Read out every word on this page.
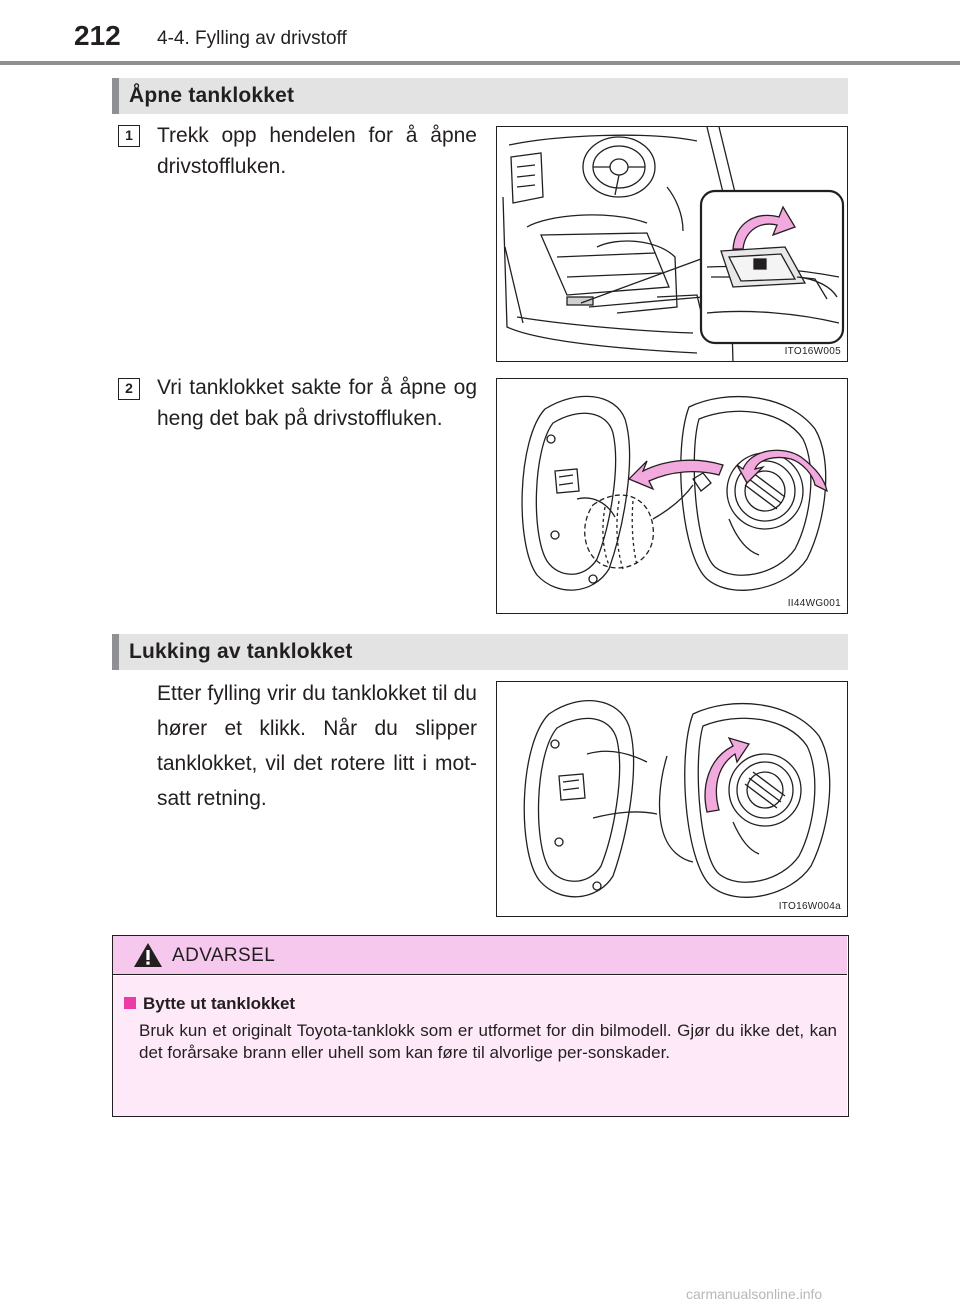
212 4-4. Fylling av drivstoff
Åpne tanklokket
1	Trekk opp hendelen for å åpne drivstoffluken.
ITO16W005
2	Vri tanklokket sakte for å åpne og heng det bak på drivstoffluken.
II44WG001
Lukking av tanklokket
Etter fylling vrir du tanklokket til du hører et klikk. Når du slipper tanklokket, vil det rotere litt i mot-satt retning.
ITO16W004a
ADVARSEL
Bytte ut tanklokket
Bruk kun et originalt Toyota-tanklokk som er utformet for din bilmodell. Gjør du ikke det, kan det forårsake brann eller uhell som kan føre til alvorlige per-sonskader.
carmanualsonline.info
